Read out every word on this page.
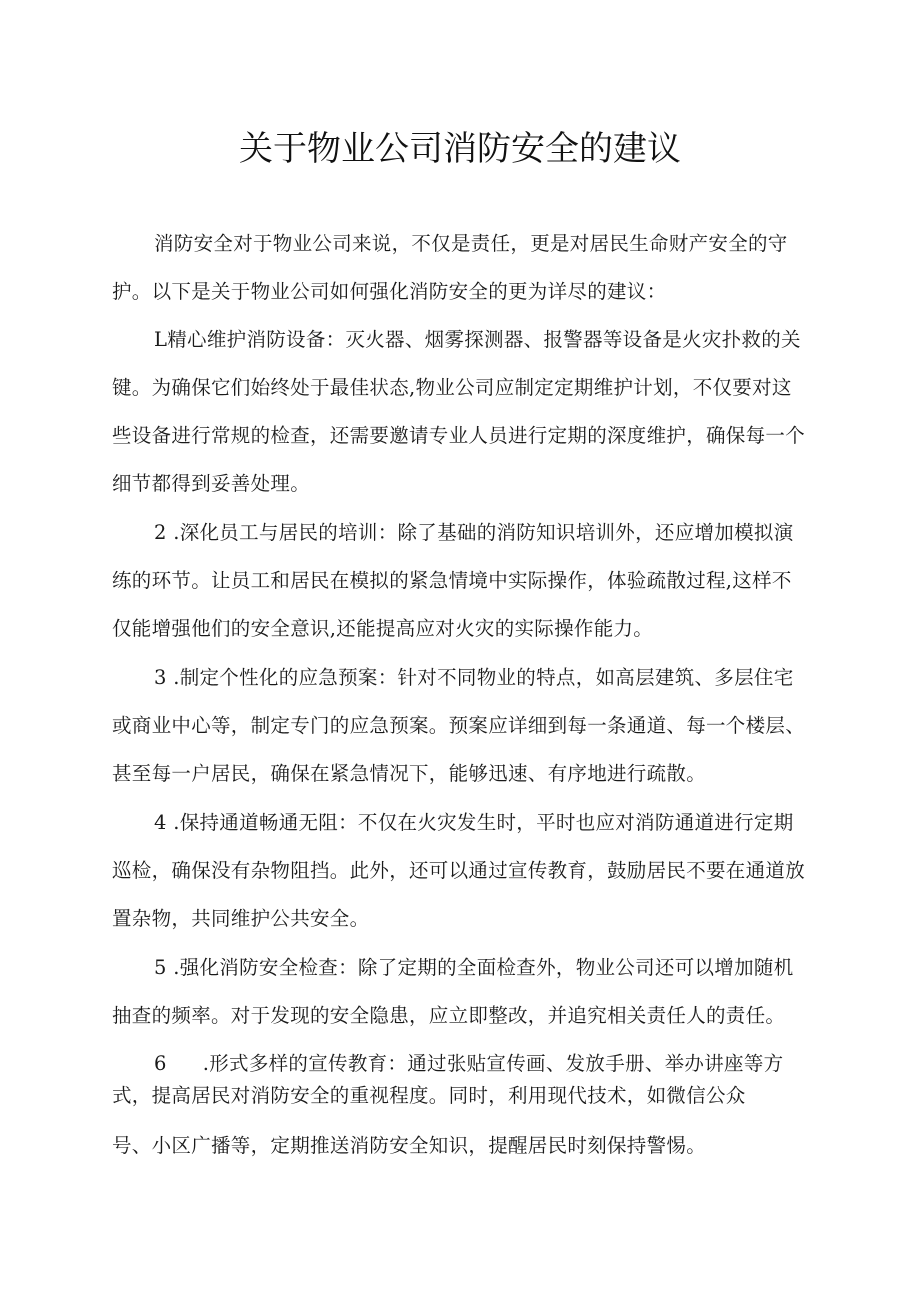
关于物业公司消防安全的建议
消防安全对于物业公司来说，不仅是责任，更是对居民生命财产安全的守
护。以下是关于物业公司如何强化消防安全的更为详尽的建议：
L精心维护消防设备：灭火器、烟雾探测器、报警器等设备是火灾扑救的关
键。为确保它们始终处于最佳状态,物业公司应制定定期维护计划，不仅要对这
些设备进行常规的检查，还需要邀请专业人员进行定期的深度维护，确保每一个
细节都得到妥善处理。
2 .深化员工与居民的培训：除了基础的消防知识培训外，还应增加模拟演
练的环节。让员工和居民在模拟的紧急情境中实际操作，体验疏散过程,这样不
仅能增强他们的安全意识,还能提高应对火灾的实际操作能力。
3 .制定个性化的应急预案：针对不同物业的特点，如高层建筑、多层住宅
或商业中心等，制定专门的应急预案。预案应详细到每一条通道、每一个楼层、
甚至每一户居民，确保在紧急情况下，能够迅速、有序地进行疏散。
4 .保持通道畅通无阻：不仅在火灾发生时，平时也应对消防通道进行定期
巡检，确保没有杂物阻挡。此外，还可以通过宣传教育，鼓励居民不要在通道放
置杂物，共同维护公共安全。
5 .强化消防安全检查：除了定期的全面检查外，物业公司还可以增加随机
抽查的频率。对于发现的安全隐患，应立即整改，并追究相关责任人的责任。
6 .形式多样的宣传教育：通过张贴宣传画、发放手册、举办讲座等方
式，提高居民对消防安全的重视程度。同时，利用现代技术，如微信公众
号、小区广播等，定期推送消防安全知识，提醒居民时刻保持警惕。
